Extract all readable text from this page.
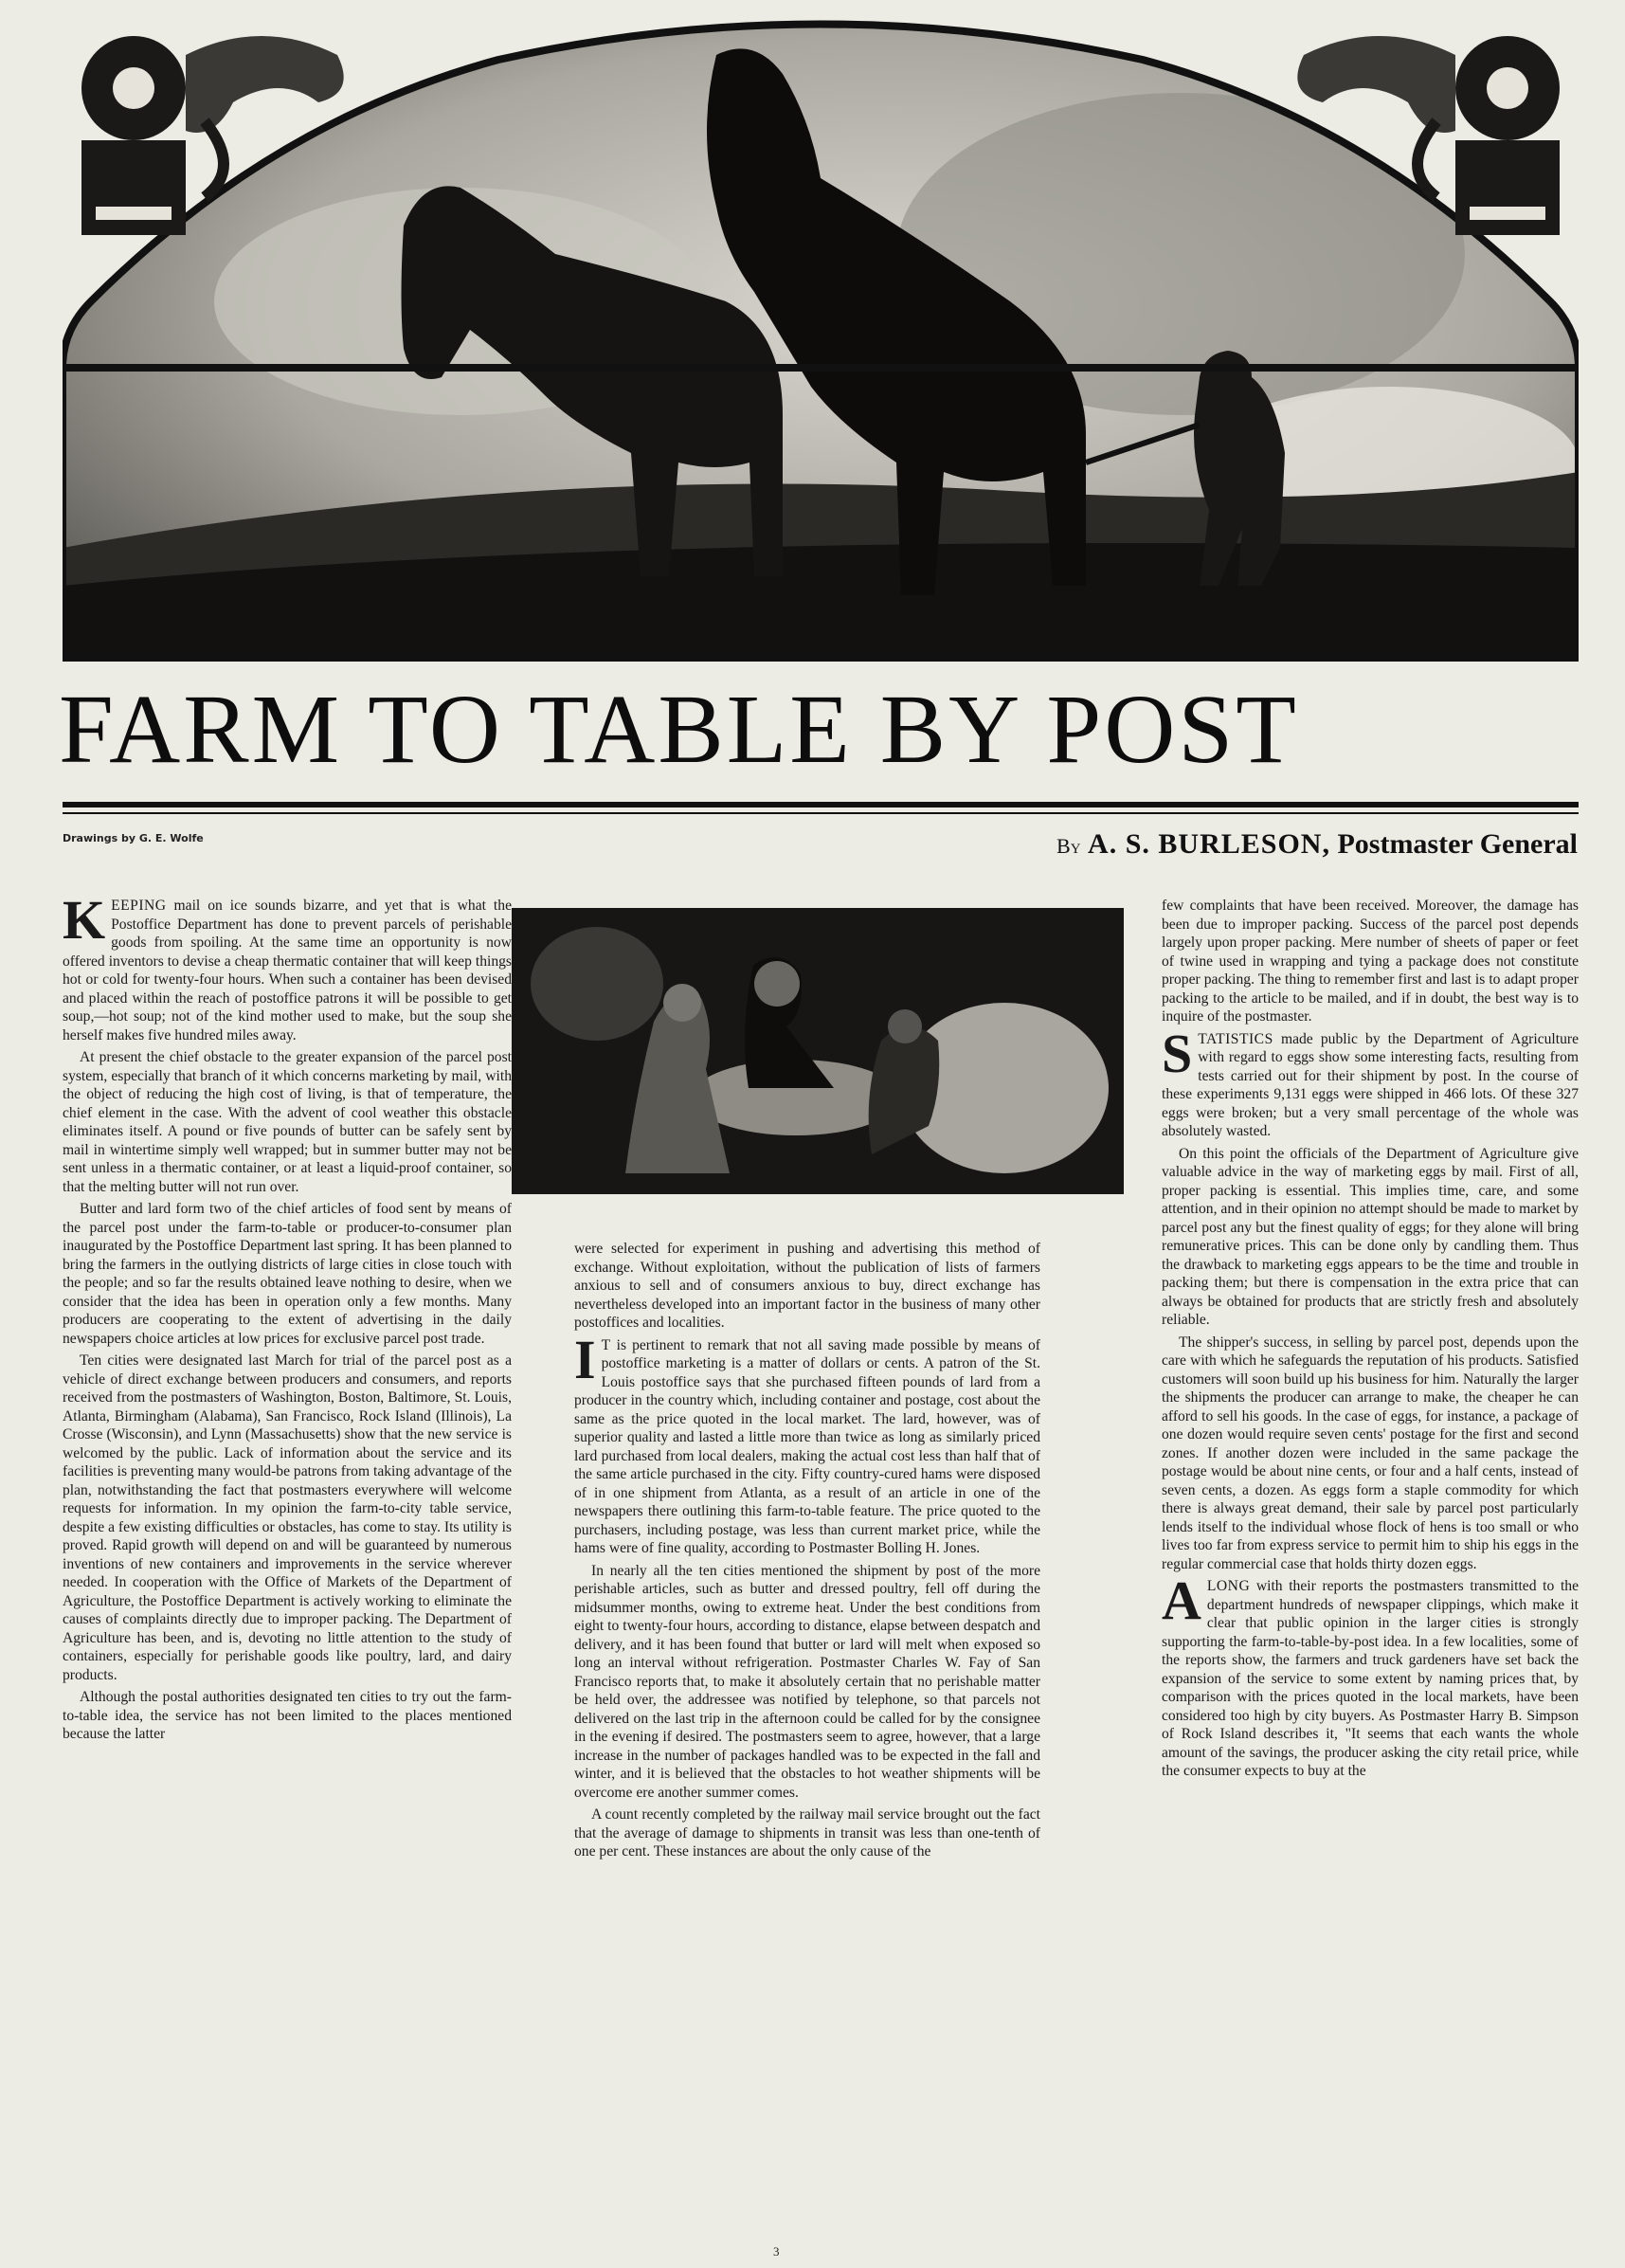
FARM TO TABLE BY POST
Drawings by G. E. Wolfe	By A. S. BURLESON, Postmaster General

KEEPING mail on ice sounds bizarre, and yet that is what the Postoffice Department has done to prevent parcels of perishable goods from spoiling. At the same time an opportunity is now offered inventors to devise a cheap thermatic container that will keep things hot or cold for twenty-four hours. When such a container has been devised and placed within the reach of postoffice patrons it will be possible to get soup,—hot soup; not of the kind mother used to make, but the soup she herself makes five hundred miles away.

At present the chief obstacle to the greater expansion of the parcel post system, especially that branch of it which concerns marketing by mail, with the object of reducing the high cost of living, is that of temperature, the chief element in the case. With the advent of cool weather this obstacle eliminates itself. A pound or five pounds of butter can be safely sent by mail in wintertime simply well wrapped; but in summer butter may not be sent unless in a thermatic container, or at least a liquid-proof container, so that the melting butter will not run over.

Butter and lard form two of the chief articles of food sent by means of the parcel post under the farm-to-table or producer-to-consumer plan inaugurated by the Postoffice Department last spring. It has been planned to bring the farmers in the outlying districts of large cities in close touch with the people; and so far the results obtained leave nothing to desire, when we consider that the idea has been in operation only a few months. Many producers are cooperating to the extent of advertising in the daily newspapers choice articles at low prices for exclusive parcel post trade.

Ten cities were designated last March for trial of the parcel post as a vehicle of direct exchange between producers and consumers, and reports received from the postmasters of Washington, Boston, Baltimore, St. Louis, Atlanta, Birmingham (Alabama), San Francisco, Rock Island (Illinois), La Crosse (Wisconsin), and Lynn (Massachusetts) show that the new service is welcomed by the public. Lack of information about the service and its facilities is preventing many would-be patrons from taking advantage of the plan, notwithstanding the fact that postmasters everywhere will welcome requests for information. In my opinion the farm-to-city table service, despite a few existing difficulties or obstacles, has come to stay. Its utility is proved. Rapid growth will depend on and will be guaranteed by numerous inventions of new containers and improvements in the service wherever needed. In cooperation with the Office of Markets of the Department of Agriculture, the Postoffice Department is actively working to eliminate the causes of complaints directly due to improper packing. The Department of Agriculture has been, and is, devoting no little attention to the study of containers, especially for perishable goods like poultry, lard, and dairy products.

Although the postal authorities designated ten cities to try out the farm-to-table idea, the service has not been limited to the places mentioned because the latter

were selected for experiment in pushing and advertising this method of exchange. Without exploitation, without the publication of lists of farmers anxious to sell and of consumers anxious to buy, direct exchange has nevertheless developed into an important factor in the business of many other postoffices and localities.

I T is pertinent to remark that not all saving made possible by means of postoffice marketing is a matter of dollars or cents. A patron of the St. Louis postoffice says that she purchased fifteen pounds of lard from a producer in the country which, including container and postage, cost about the same as the price quoted in the local market. The lard, however, was of superior quality and lasted a little more than twice as long as similarly priced lard purchased from local dealers, making the actual cost less than half that of the same article purchased in the city. Fifty country-cured hams were disposed of in one shipment from Atlanta, as a result of an article in one of the newspapers there outlining this farm-to-table feature. The price quoted to the purchasers, including postage, was less than current market price, while the hams were of fine quality, according to Postmaster Bolling H. Jones.

In nearly all the ten cities mentioned the shipment by post of the more perishable articles, such as butter and dressed poultry, fell off during the midsummer months, owing to extreme heat. Under the best conditions from eight to twenty-four hours, according to distance, elapse between despatch and delivery, and it has been found that butter or lard will melt when exposed so long an interval without refrigeration. Postmaster Charles W. Fay of San Francisco reports that, to make it absolutely certain that no perishable matter be held over, the addressee was notified by telephone, so that parcels not delivered on the last trip in the afternoon could be called for by the consignee in the evening if desired. The postmasters seem to agree, however, that a large increase in the number of packages handled was to be expected in the fall and winter, and it is believed that the obstacles to hot weather shipments will be overcome ere another summer comes.

A count recently completed by the railway mail service brought out the fact that the average of damage to shipments in transit was less than one-tenth of one per cent. These instances are about the only cause of the

few complaints that have been received. Moreover, the damage has been due to improper packing. Success of the parcel post depends largely upon proper packing. Mere number of sheets of paper or feet of twine used in wrapping and tying a package does not constitute proper packing. The thing to remember first and last is to adapt proper packing to the article to be mailed, and if in doubt, the best way is to inquire of the postmaster.

STATISTICS made public by the Department of Agriculture with regard to eggs show some interesting facts, resulting from tests carried out for their shipment by post. In the course of these experiments 9,131 eggs were shipped in 466 lots. Of these 327 eggs were broken; but a very small percentage of the whole was absolutely wasted.

On this point the officials of the Department of Agriculture give valuable advice in the way of marketing eggs by mail. First of all, proper packing is essential. This implies time, care, and some attention, and in their opinion no attempt should be made to market by parcel post any but the finest quality of eggs; for they alone will bring remunerative prices. This can be done only by candling them. Thus the drawback to marketing eggs appears to be the time and trouble in packing them; but there is compensation in the extra price that can always be obtained for products that are strictly fresh and absolutely reliable.

The shipper's success, in selling by parcel post, depends upon the care with which he safeguards the reputation of his products. Satisfied customers will soon build up his business for him. Naturally the larger the shipments the producer can arrange to make, the cheaper he can afford to sell his goods. In the case of eggs, for instance, a package of one dozen would require seven cents' postage for the first and second zones. If another dozen were included in the same package the postage would be about nine cents, or four and a half cents, instead of seven cents, a dozen. As eggs form a staple commodity for which there is always great demand, their sale by parcel post particularly lends itself to the individual whose flock of hens is too small or who lives too far from express service to permit him to ship his eggs in the regular commercial case that holds thirty dozen eggs.

ALONG with their reports the postmasters transmitted to the department hundreds of newspaper clippings, which make it clear that public opinion in the larger cities is strongly supporting the farm-to-table-by-post idea. In a few localities, some of the reports show, the farmers and truck gardeners have set back the expansion of the service to some extent by naming prices that, by comparison with the prices quoted in the local markets, have been considered too high by city buyers. As Postmaster Harry B. Simpson of Rock Island describes it, "It seems that each wants the whole amount of the savings, the producer asking the city retail price, while the consumer expects to buy at the

3
